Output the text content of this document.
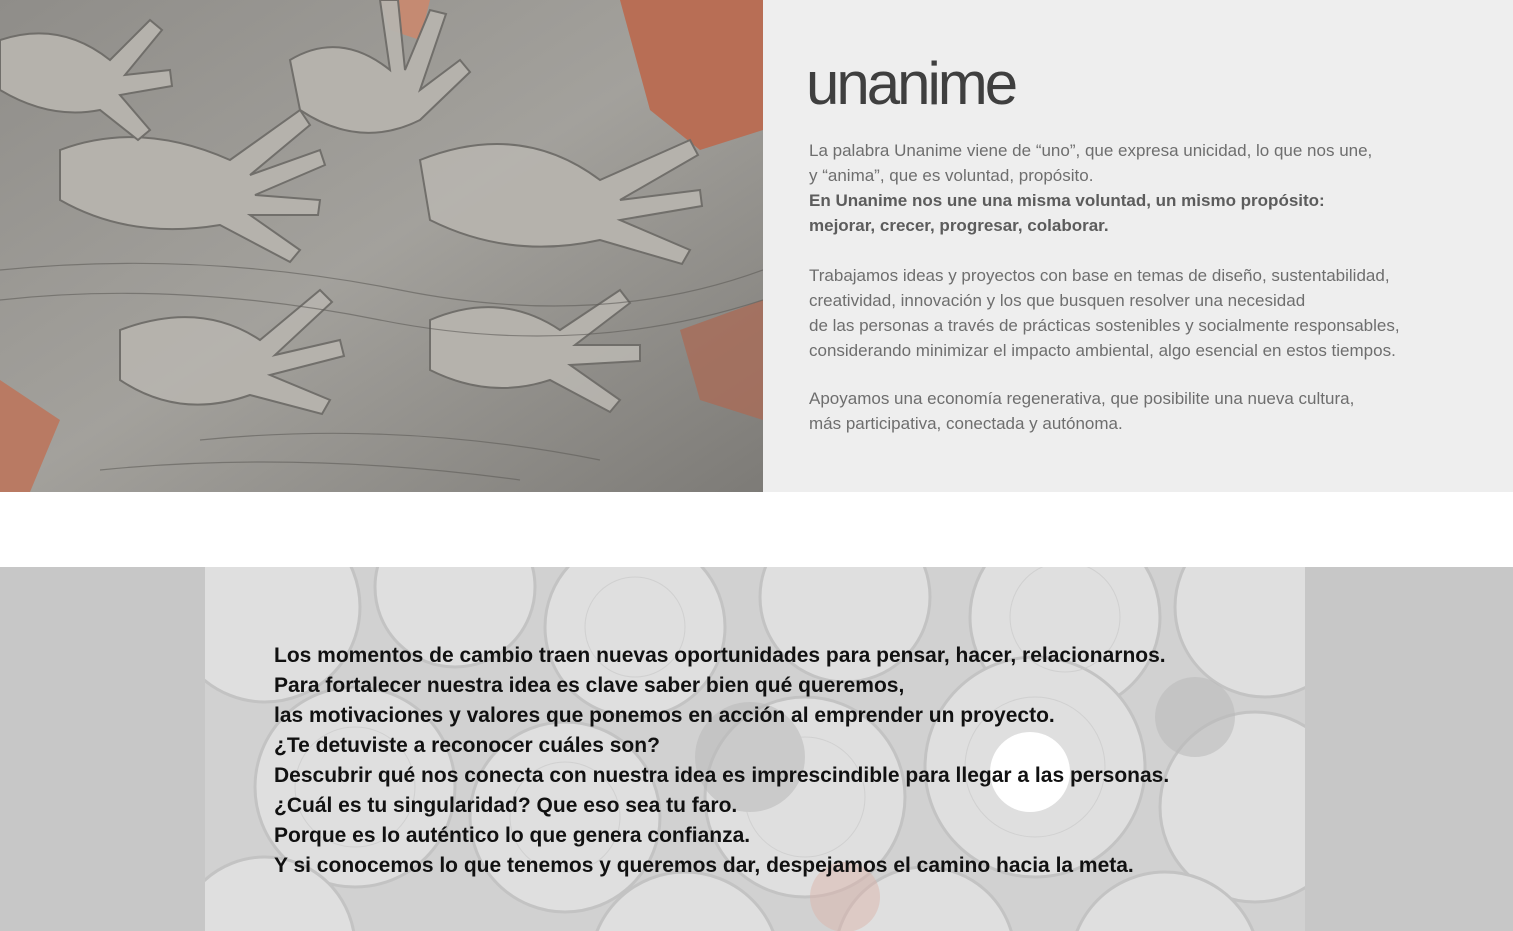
unanime
La palabra Unanime viene de “uno”, que expresa unicidad, lo que nos une,
y “anima”, que es voluntad, propósito.
En Unanime nos une una misma voluntad, un mismo propósito:
mejorar, crecer, progresar, colaborar.
Trabajamos ideas y proyectos con base en temas de diseño, sustentabilidad,
creatividad, innovación y los que busquen resolver una necesidad
de las personas a través de prácticas sostenibles y socialmente responsables,
considerando minimizar el impacto ambiental, algo esencial en estos tiempos.
Apoyamos una economía regenerativa, que posibilite una nueva cultura,
más participativa, conectada y autónoma.
Los momentos de cambio traen nuevas oportunidades para pensar, hacer, relacionarnos.
Para fortalecer nuestra idea es clave saber bien qué queremos,
las motivaciones y valores que ponemos en acción al emprender un proyecto.
¿Te detuviste a reconocer cuáles son?
Descubrir qué nos conecta con nuestra idea es imprescindible para llegar a las personas.
¿Cuál es tu singularidad? Que eso sea tu faro.
Porque es lo auténtico lo que genera confianza.
Y si conocemos lo que tenemos y queremos dar, despejamos el camino hacia la meta.
